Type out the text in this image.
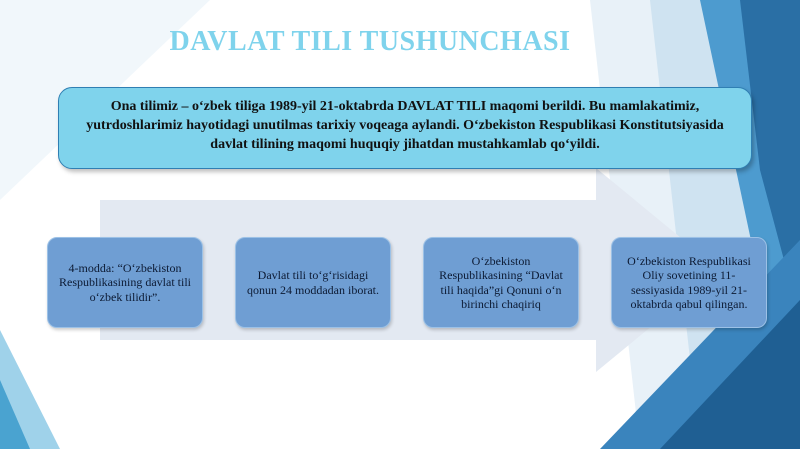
DAVLAT TILI TUSHUNCHASI
Ona tilimiz – o‘zbek tiliga 1989-yil 21-oktabrda DAVLAT TILI maqomi berildi. Bu mamlakatimiz, yutrdoshlarimiz hayotidagi unutilmas tarixiy voqeaga aylandi. O‘zbekiston Respublikasi Konstitutsiyasida davlat tilining maqomi huquqiy jihatdan mustahkamlab qo‘yildi.
4-modda: “O‘zbekiston Respublikasining davlat tili o‘zbek tilidir”.
Davlat tili to‘g‘risidagi qonun 24 moddadan iborat.
O‘zbekiston Respublikasining “Davlat tili haqida”gi Qonuni o‘n birinchi chaqiriq
O‘zbekiston Respublikasi Oliy sovetining 11-sessiyasida 1989-yil 21-oktabrda qabul qilingan.
